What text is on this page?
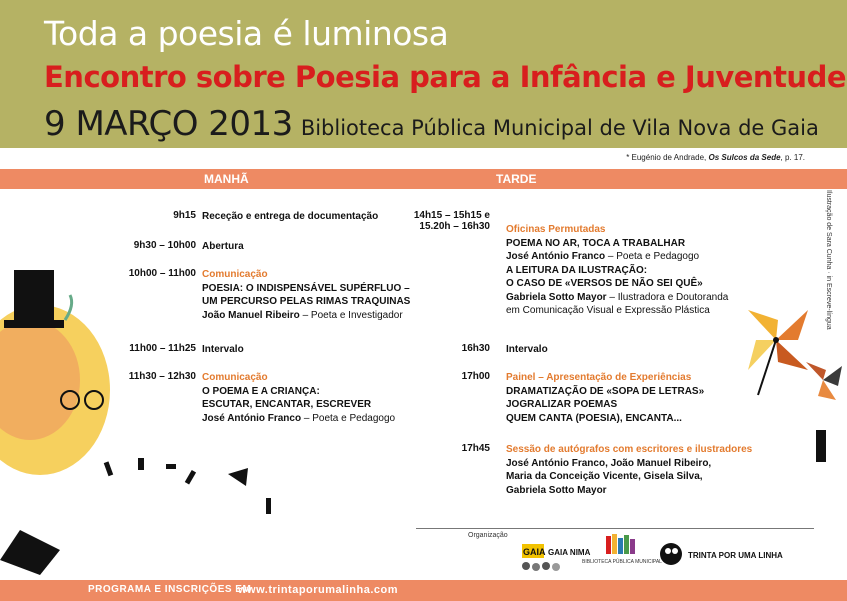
Toda a poesia é luminosa
Encontro sobre Poesia para a Infância e Juventude
9 MARÇO 2013 Biblioteca Pública Municipal de Vila Nova de Gaia
* Eugénio de Andrade, Os Sulcos da Sede, p. 17.
MANHÃ	TARDE
9h15 Receção e entrega de documentação
9h30 – 10h00 Abertura
10h00 – 11h00 Comunicação
POESIA: O INDISPENSÁVEL SUPÉRFLUO –
UM PERCURSO PELAS RIMAS TRAQUINAS
João Manuel Ribeiro – Poeta e Investigador
11h00 – 11h25 Intervalo
11h30 – 12h30 Comunicação
O POEMA E A CRIANÇA:
ESCUTAR, ENCANTAR, ESCREVER
José António Franco – Poeta e Pedagogo
14h15 – 15h15 e
15.20h – 16h30 Oficinas Permutadas
POEMA NO AR, TOCA A TRABALHAR
José António Franco – Poeta e Pedagogo
A LEITURA DA ILUSTRAÇÃO:
O CASO DE «VERSOS DE NÃO SEI QUÊ»
Gabriela Sotto Mayor – Ilustradora e Doutoranda
em Comunicação Visual e Expressão Plástica
16h30 Intervalo
17h00 Painel – Apresentação de Experiências
DRAMATIZAÇÃO DE «SOPA DE LETRAS»
JOGRALIZAR POEMAS
QUEM CANTA (POESIA), ENCANTA...
17h45 Sessão de autógrafos com escritores e ilustradores
José António Franco, João Manuel Ribeiro,
Maria da Conceição Vicente, Gisela Silva,
Gabriela Sotto Mayor
Ilustração de Sara Cunha · in Escreve-língua
Organização
GAIA GAIA NIMA
BIBLIOTECA PÚBLICA MUNICIPAL
TRINTA POR UMA LINHA
PROGRAMA E INSCRIÇÕES EM
www.trintaporumalinha.com
